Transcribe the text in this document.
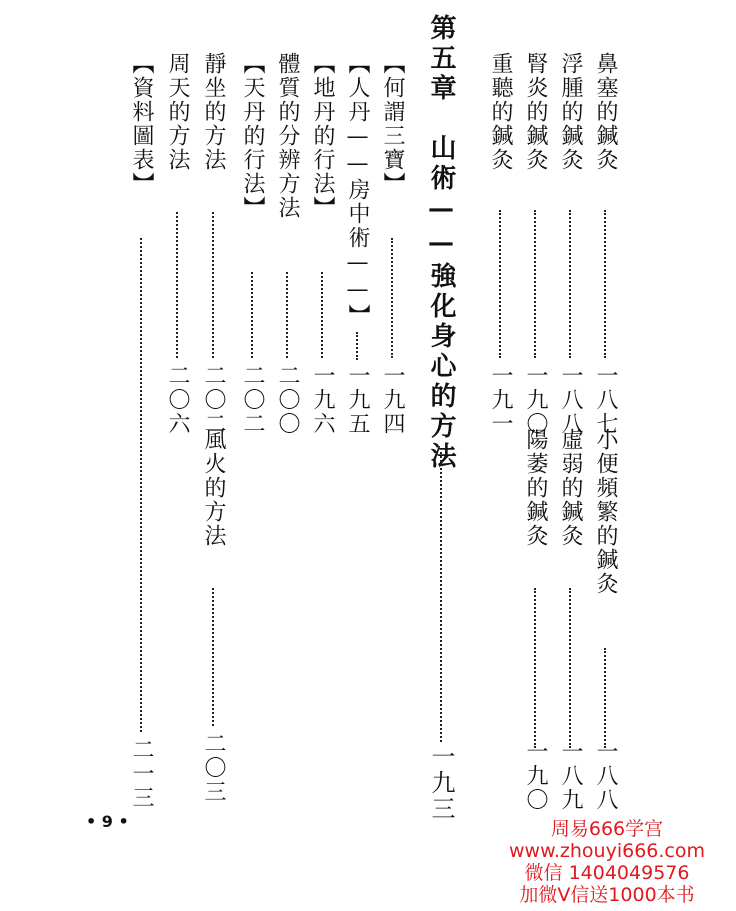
鼻塞的鍼灸
一八七
小便頻繁的鍼灸
一八八
浮腫的鍼灸
一八八
虛弱的鍼灸
一八九
腎炎的鍼灸
一九〇
陽萎的鍼灸
一九〇
重聽的鍼灸
一九一
第五章　山術——強化身心的方法
一九三
【何謂三寶】
一九四
【人丹——房中術——】
一九五
【地丹的行法】
一九六
體質的分辨方法
二〇〇
【天丹的行法】
二〇二
靜坐的方法
二〇二
風火的方法
二〇三
周天的方法
二〇六
【資料圖表】
二一三
• 9 •	周易666学宫
www.zhouyi666.com
微信 1404049576
加微V信送1000本书
